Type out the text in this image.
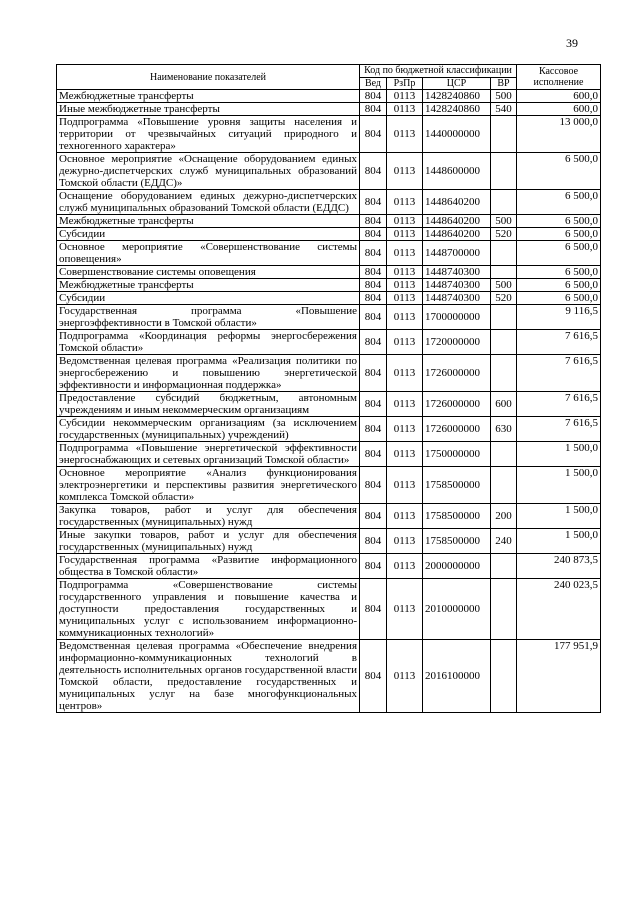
39
Наименование показателей	Код по бюджетной классификации				Кассовое исполнение
	Вед	РзПр	ЦСР	ВР	
Межбюджетные трансферты	804	0113	1428240860	500	600,0
Иные межбюджетные трансферты	804	0113	1428240860	540	600,0
Подпрограмма «Повышение уровня защиты населения и территории от чрезвычайных ситуаций природного и техногенного характера»	804	0113	1440000000		13 000,0
Основное мероприятие «Оснащение оборудованием единых дежурно-диспетчерских служб муниципальных образований Томской области (ЕДДС)»	804	0113	1448600000		6 500,0
Оснащение оборудованием единых дежурно-диспетчерских служб муниципальных образований Томской области (ЕДДС)	804	0113	1448640200		6 500,0
Межбюджетные трансферты	804	0113	1448640200	500	6 500,0
Субсидии	804	0113	1448640200	520	6 500,0
Основное мероприятие «Совершенствование системы оповещения»	804	0113	1448700000		6 500,0
Совершенствование системы оповещения	804	0113	1448740300		6 500,0
Межбюджетные трансферты	804	0113	1448740300	500	6 500,0
Субсидии	804	0113	1448740300	520	6 500,0
Государственная программа «Повышение энергоэффективности в Томской области»	804	0113	1700000000		9 116,5
Подпрограмма «Координация реформы энергосбережения Томской области»	804	0113	1720000000		7 616,5
Ведомственная целевая программа «Реализация политики по энергосбережению и повышению энергетической эффективности и информационная поддержка»	804	0113	1726000000		7 616,5
Предоставление субсидий бюджетным, автономным учреждениям и иным некоммерческим организациям	804	0113	1726000000	600	7 616,5
Субсидии некоммерческим организациям (за исключением государственных (муниципальных) учреждений)	804	0113	1726000000	630	7 616,5
Подпрограмма «Повышение энергетической эффективности энергоснабжающих и сетевых организаций Томской области»	804	0113	1750000000		1 500,0
Основное мероприятие «Анализ функционирования электроэнергетики и перспективы развития энергетического комплекса Томской области»	804	0113	1758500000		1 500,0
Закупка товаров, работ и услуг для обеспечения государственных (муниципальных) нужд	804	0113	1758500000	200	1 500,0
Иные закупки товаров, работ и услуг для обеспечения государственных (муниципальных) нужд	804	0113	1758500000	240	1 500,0
Государственная программа «Развитие информационного общества в Томской области»	804	0113	2000000000		240 873,5
Подпрограмма «Совершенствование системы государственного управления и повышение качества и доступности предоставления государственных и муниципальных услуг с использованием информационно-коммуникационных технологий»	804	0113	2010000000		240 023,5
Ведомственная целевая программа «Обеспечение внедрения информационно-коммуникационных технологий в деятельность исполнительных органов государственной власти Томской области, предоставление государственных и муниципальных услуг на базе многофункциональных центров»	804	0113	2016100000		177 951,9
